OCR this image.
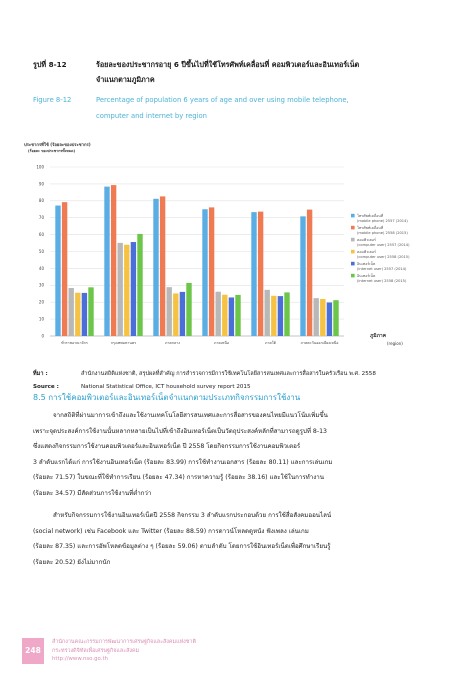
รูปที่ 8-12	ร้อยละของประชากรอายุ 6 ปีขึ้นไปที่ใช้โทรศัพท์เคลื่อนที่ คอมพิวเตอร์และอินเทอร์เน็ต
จำแนกตามภูมิภาค
Figure 8-12	Percentage of population 6 years of age and over using mobile telephone,
computer and internet by region
ประชากรที่ใช้ (ร้อยละของประชากร)
(ร้อยละ ของประชากรทั้งหมด)
0
10
20
30
40
50
60
70
80
90
100
ทั่วราชอาณาจักร	กรุงเทพมหานคร	ภาคกลาง	ภาคเหนือ	ภาคใต้	ภาคตะวันออกเฉียงเหนือ
โทรศัพท์เคลื่อนที่
(mobile phone) 2557 (2014)
โทรศัพท์เคลื่อนที่
(mobile phone) 2558 (2015)
คอมพิวเตอร์
(computer user) 2557 (2014)
คอมพิวเตอร์
(computer user) 2558 (2015)
อินเทอร์เน็ต
(internet user) 2557 (2014)
อินเทอร์เน็ต
(internet user) 2558 (2015)
ภูมิภาค
(region)
ที่มา :	สำนักงานสถิติแห่งชาติ, สรุปผลที่สำคัญ การสำรวจการมีการใช้เทคโนโลยีสารสนเทศและการสื่อสารในครัวเรือน พ.ศ. 2558
Source :	National Statistical Office, ICT household survey report 2015
8.5 การใช้คอมพิวเตอร์และอินเทอร์เน็ตจำแนกตามประเภทกิจกรรมการใช้งาน
จากสถิติที่ผ่านมาการเข้าถึงและใช้งานเทคโนโลยีสารสนเทศและการสื่อสารของคนไทยมีแนวโน้มเพิ่มขึ้น
เพราะจุดประสงค์การใช้งานนั้นหลากหลายเป็นไปที่เข้าถึงอินเทอร์เน็ตเป็นวัตถุประสงค์หลักที่สามารถดูรูปที่ 8-13
ซึ่งแสดงกิจกรรมการใช้งานคอมพิวเตอร์และอินเทอร์เน็ต ปี 2558 โดยกิจกรรมการใช้งานคอมพิวเตอร์
3 ลำดับแรกได้แก่ การใช้งานอินเทอร์เน็ต (ร้อยละ 83.99) การใช้ทำงานเอกสาร (ร้อยละ 80.11) และการเล่นเกม
(ร้อยละ 71.57) ในขณะที่ใช้ทำการเรียน (ร้อยละ 47.34) การหาความรู้ (ร้อยละ 38.16) และใช้ในการทำงาน
(ร้อยละ 34.57) มีสัดส่วนการใช้งานที่ต่ำกว่า
สำหรับกิจกรรมการใช้งานอินเทอร์เน็ตปี 2558 กิจกรรม 3 ลำดับแรกประกอบด้วย การใช้สื่อสังคมออนไลน์
(social network) เช่น Facebook และ Twitter (ร้อยละ 88.59) การดาวน์โหลดดูหนัง ฟังเพลง เล่นเกม
(ร้อยละ 87.35) และการอัพโหลดข้อมูลต่าง ๆ (ร้อยละ 59.06) ตามลำดับ โดยการใช้อินเทอร์เน็ตเพื่อศึกษาเรียนรู้
(ร้อยละ 20.52) ยังไม่มากนัก
248
สำนักงานคณะกรรมการพัฒนาการเศรษฐกิจและสังคมแห่งชาติ
กระทรวงดิจิทัลเพื่อเศรษฐกิจและสังคม
http://www.nso.go.th
